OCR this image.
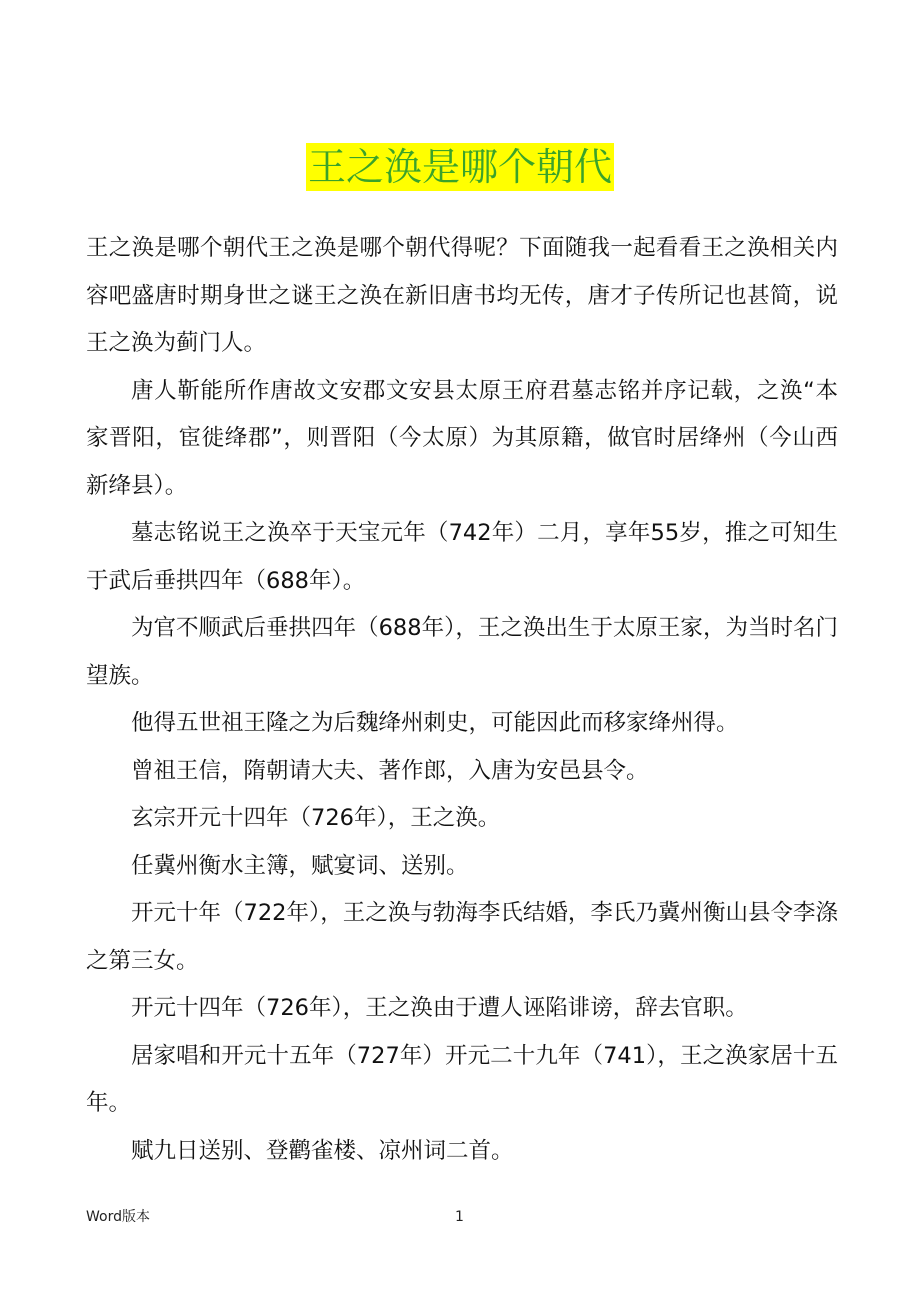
王之涣是哪个朝代

王之涣是哪个朝代王之涣是哪个朝代得呢？下面随我一起看看王之涣相关内容吧盛唐时期身世之谜王之涣在新旧唐书均无传，唐才子传所记也甚简，说王之涣为蓟门人。

唐人靳能所作唐故文安郡文安县太原王府君墓志铭并序记载，之涣“本家晋阳，宦徙绛郡”，则晋阳（今太原）为其原籍，做官时居绛州（今山西新绛县）。

墓志铭说王之涣卒于天宝元年（742年）二月，享年55岁，推之可知生于武后垂拱四年（688年）。

为官不顺武后垂拱四年（688年），王之涣出生于太原王家，为当时名门望族。

他得五世祖王隆之为后魏绛州刺史，可能因此而移家绛州得。

曾祖王信，隋朝请大夫、著作郎，入唐为安邑县令。

玄宗开元十四年（726年），王之涣。

任冀州衡水主簿，赋宴词、送别。

开元十年（722年），王之涣与勃海李氏结婚，李氏乃冀州衡山县令李涤之第三女。

开元十四年（726年），王之涣由于遭人诬陷诽谤，辞去官职。

居家唱和开元十五年（727年）开元二十九年（741），王之涣家居十五年。

赋九日送别、登鹳雀楼、凉州词二首。

Word版本	1
